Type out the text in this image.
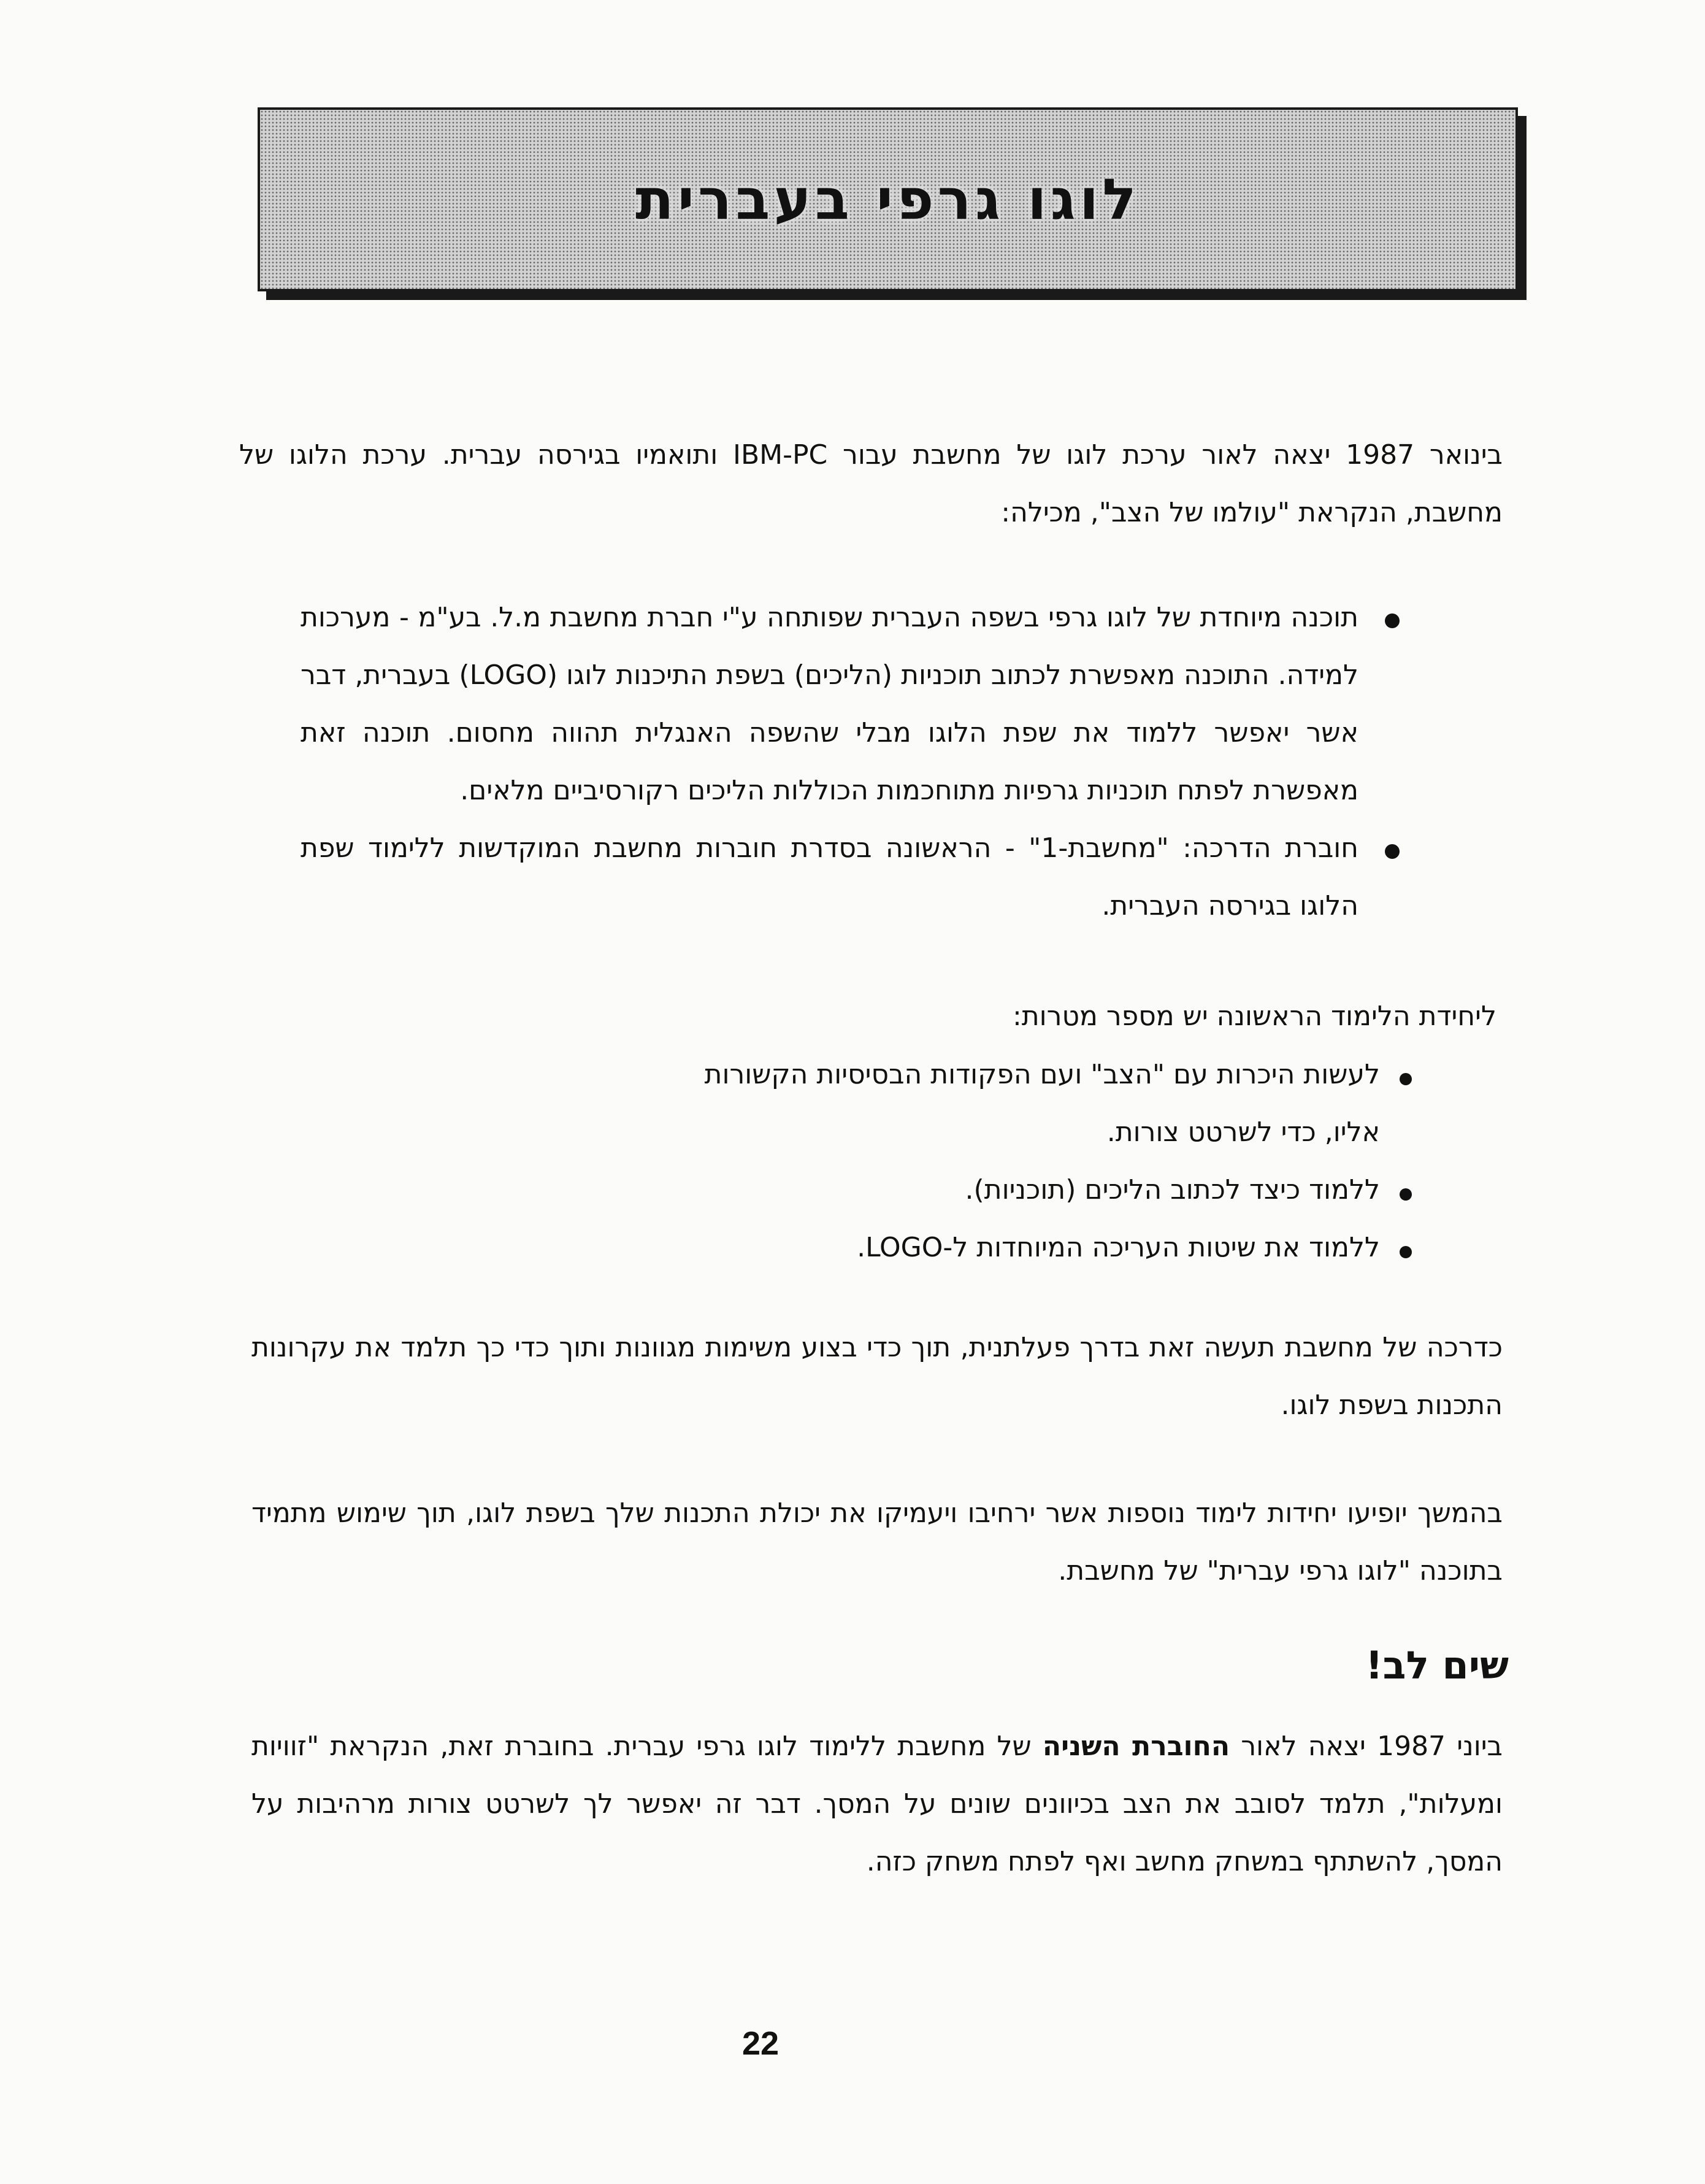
לוגו גרפי בעברית
בינואר 1987 יצאה לאור ערכת לוגו של מחשבת עבור IBM-PC ותואמיו בגירסה עברית. ערכת הלוגו של מחשבת, הנקראת "עולמו של הצב", מכילה:
תוכנה מיוחדת של לוגו גרפי בשפה העברית שפותחה ע"י חברת מחשבת מ.ל. בע"מ - מערכות למידה. התוכנה מאפשרת לכתוב תוכניות (הליכים) בשפת התיכנות לוגו (LOGO) בעברית, דבר אשר יאפשר ללמוד את שפת הלוגו מבלי שהשפה האנגלית תהווה מחסום. תוכנה זאת מאפשרת לפתח תוכניות גרפיות מתוחכמות הכוללות הליכים רקורסיביים מלאים.
חוברת הדרכה: "מחשבת-1" - הראשונה בסדרת חוברות מחשבת המוקדשות ללימוד שפת הלוגו בגירסה העברית.
ליחידת הלימוד הראשונה יש מספר מטרות:
לעשות היכרות עם "הצב" ועם הפקודות הבסיסיות הקשורות אליו, כדי לשרטט צורות.
ללמוד כיצד לכתוב הליכים (תוכניות).
ללמוד את שיטות העריכה המיוחדות ל-LOGO.
כדרכה של מחשבת תעשה זאת בדרך פעלתנית, תוך כדי בצוע משימות מגוונות ותוך כדי כך תלמד את עקרונות התכנות בשפת לוגו.
בהמשך יופיעו יחידות לימוד נוספות אשר ירחיבו ויעמיקו את יכולת התכנות שלך בשפת לוגו, תוך שימוש מתמיד בתוכנה "לוגו גרפי עברית" של מחשבת.
שים לב!
ביוני 1987 יצאה לאור החוברת השניה של מחשבת ללימוד לוגו גרפי עברית. בחוברת זאת, הנקראת "זוויות ומעלות", תלמד לסובב את הצב בכיוונים שונים על המסך. דבר זה יאפשר לך לשרטט צורות מרהיבות על המסך, להשתתף במשחק מחשב ואף לפתח משחק כזה.
22
